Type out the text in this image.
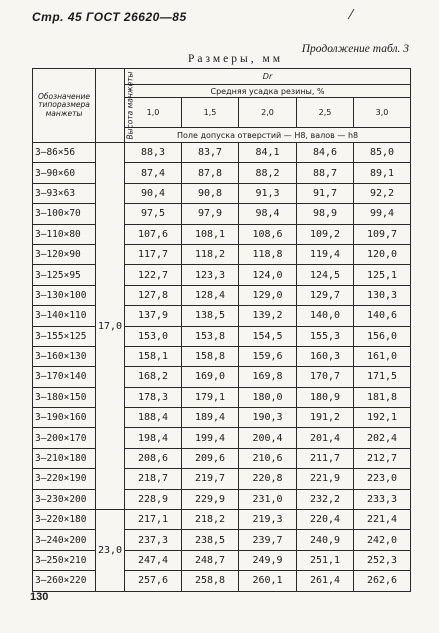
Стр. 45 ГОСТ 26620—85	⁄
Продолжение табл. 3
Размеры, мм
Обозначение типоразмера манжеты	Высота манжеты	Dr				
		Средняя усадка резины, %				
		1,0	1,5	2,0	2,5	3,0
		Поле допуска отверстий — H8, валов — h8				
3—86×56	17,0	88,3	83,7	84,1	84,6	85,0
3—90×60		87,4	87,8	88,2	88,7	89,1
3—93×63		90,4	90,8	91,3	91,7	92,2
3—100×70		97,5	97,9	98,4	98,9	99,4
3—110×80		107,6	108,1	108,6	109,2	109,7
3—120×90		117,7	118,2	118,8	119,4	120,0
3—125×95		122,7	123,3	124,0	124,5	125,1
3—130×100		127,8	128,4	129,0	129,7	130,3
3—140×110		137,9	138,5	139,2	140,0	140,6
3—155×125		153,0	153,8	154,5	155,3	156,0
3—160×130		158,1	158,8	159,6	160,3	161,0
3—170×140		168,2	169,0	169,8	170,7	171,5
3—180×150		178,3	179,1	180,0	180,9	181,8
3—190×160		188,4	189,4	190,3	191,2	192,1
3—200×170		198,4	199,4	200,4	201,4	202,4
3—210×180		208,6	209,6	210,6	211,7	212,7
3—220×190		218,7	219,7	220,8	221,9	223,0
3—230×200		228,9	229,9	231,0	232,2	233,3
3—220×180	23,0	217,1	218,2	219,3	220,4	221,4
3—240×200		237,3	238,5	239,7	240,9	242,0
3—250×210		247,4	248,7	249,9	251,1	252,3
3—260×220		257,6	258,8	260,1	261,4	262,6
130
